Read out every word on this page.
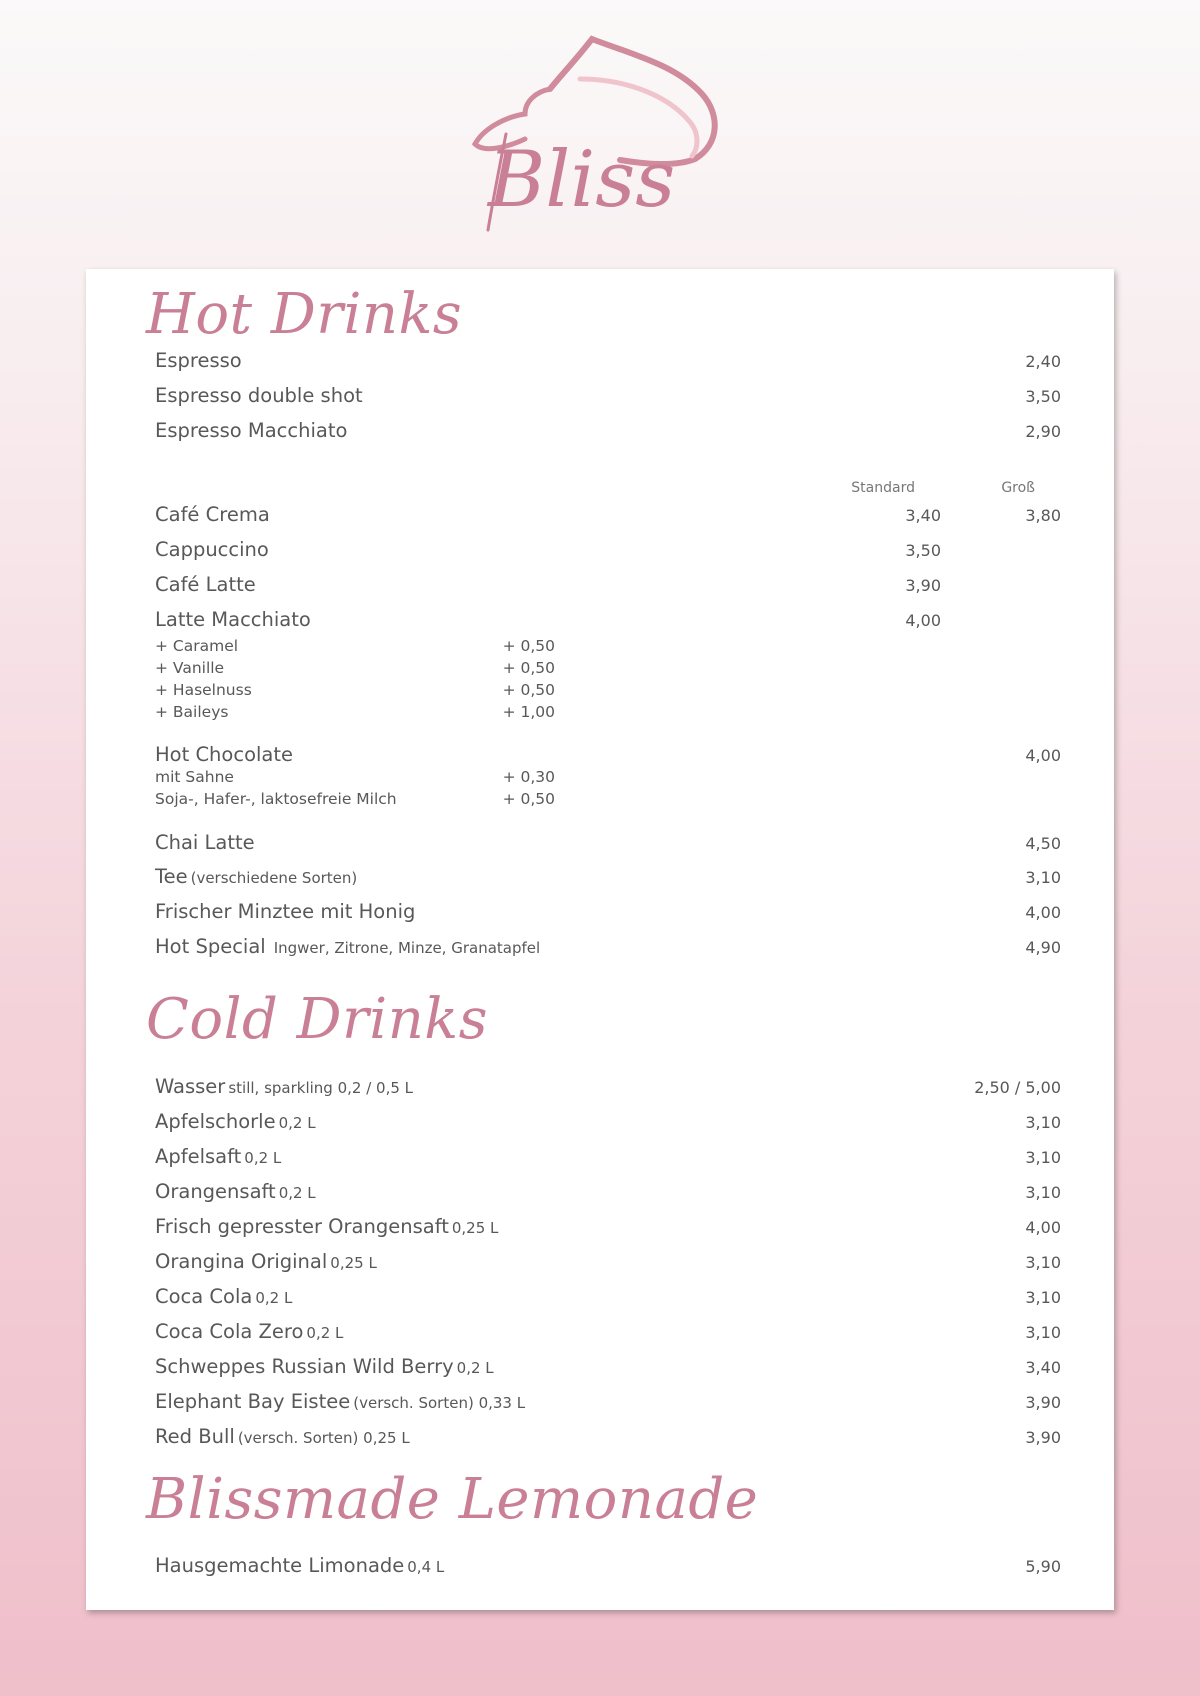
Bliss
Hot Drinks
Espresso	2,40
Espresso double shot	3,50
Espresso Macchiato	2,90
Standard	Groß
Café Crema	3,40	3,80
Cappuccino	3,50
Café Latte	3,90
Latte Macchiato	4,00
+ Caramel	+ 0,50
+ Vanille	+ 0,50
+ Haselnuss	+ 0,50
+ Baileys	+ 1,00
Hot Chocolate	4,00
mit Sahne	+ 0,30
Soja-, Hafer-, laktosefreie Milch	+ 0,50
Chai Latte	4,50
Tee (verschiedene Sorten)	3,10
Frischer Minztee mit Honig	4,00
Hot Special Ingwer, Zitrone, Minze, Granatapfel	4,90
Cold Drinks
Wasser still, sparkling 0,2 / 0,5 L	2,50 / 5,00
Apfelschorle 0,2 L	3,10
Apfelsaft 0,2 L	3,10
Orangensaft 0,2 L	3,10
Frisch gepresster Orangensaft 0,25 L	4,00
Orangina Original 0,25 L	3,10
Coca Cola 0,2 L	3,10
Coca Cola Zero 0,2 L	3,10
Schweppes Russian Wild Berry 0,2 L	3,40
Elephant Bay Eistee (versch. Sorten) 0,33 L	3,90
Red Bull (versch. Sorten) 0,25 L	3,90
Blissmade Lemonade
Hausgemachte Limonade 0,4 L	5,90
